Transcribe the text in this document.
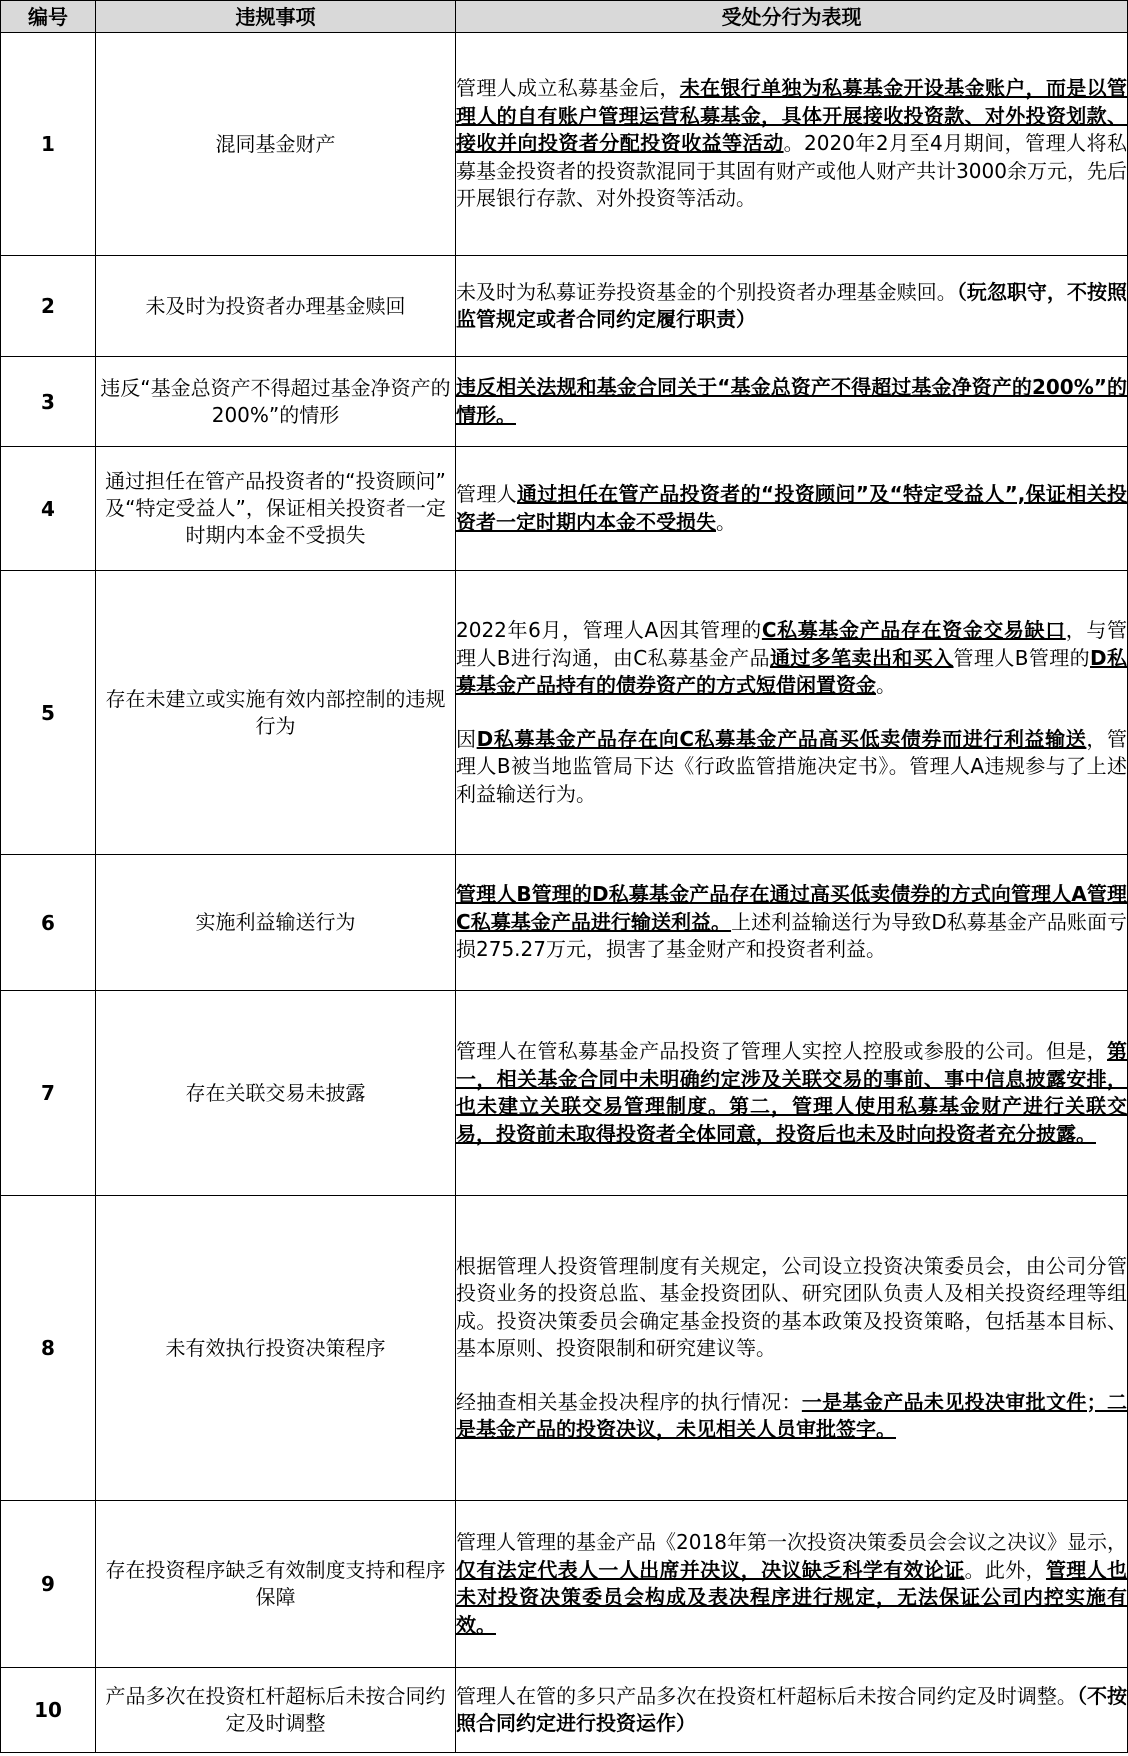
编号	违规事项	受处分行为表现
1	混同基金财产	管理人成立私募基金后，未在银行单独为私募基金开设基金账户，而是以管理人的自有账户管理运营私募基金，具体开展接收投资款、对外投资划款、接收并向投资者分配投资收益等活动。2020年2月至4月期间，管理人将私募基金投资者的投资款混同于其固有财产或他人财产共计3000余万元，先后开展银行存款、对外投资等活动。

2	未及时为投资者办理基金赎回	未及时为私募证券投资基金的个别投资者办理基金赎回。（玩忽职守，不按照监管规定或者合同约定履行职责）

3	违反“基金总资产不得超过基金净资产的200%”的情形	违反相关法规和基金合同关于“基金总资产不得超过基金净资产的200%”的情形。

4	通过担任在管产品投资者的“投资顾问” 及“特定受益人”，保证相关投资者一定时期内本金不受损失	管理人通过担任在管产品投资者的“投资顾问”及“特定受益人”,保证相关投资者一定时期内本金不受损失。

5	存在未建立或实施有效内部控制的违规行为	2022年6月，管理人A因其管理的C私募基金产品存在资金交易缺口，与管理人B进行沟通，由C私募基金产品通过多笔卖出和买入管理人B管理的D私募基金产品持有的债券资产的方式短借闲置资金。

因D私募基金产品存在向C私募基金产品高买低卖债券而进行利益输送，管理人B被当地监管局下达《行政监管措施决定书》。管理人A违规参与了上述利益输送行为。

6	实施利益输送行为	管理人B管理的D私募基金产品存在通过高买低卖债券的方式向管理人A管理C私募基金产品进行输送利益。上述利益输送行为导致D私募基金产品账面亏损275.27万元，损害了基金财产和投资者利益。

7	存在关联交易未披露	管理人在管私募基金产品投资了管理人实控人控股或参股的公司。但是，第一，相关基金合同中未明确约定涉及关联交易的事前、事中信息披露安排，也未建立关联交易管理制度。第二，管理人使用私募基金财产进行关联交易，投资前未取得投资者全体同意，投资后也未及时向投资者充分披露。

8	未有效执行投资决策程序	根据管理人投资管理制度有关规定，公司设立投资决策委员会，由公司分管投资业务的投资总监、基金投资团队、研究团队负责人及相关投资经理等组成。投资决策委员会确定基金投资的基本政策及投资策略，包括基本目标、基本原则、投资限制和研究建议等。

经抽查相关基金投决程序的执行情况：一是基金产品未见投决审批文件；二是基金产品的投资决议，未见相关人员审批签字。

9	存在投资程序缺乏有效制度支持和程序保障	管理人管理的基金产品《2018年第一次投资决策委员会会议之决议》显示，仅有法定代表人一人出席并决议，决议缺乏科学有效论证。此外，管理人也未对投资决策委员会构成及表决程序进行规定，无法保证公司内控实施有效。

10	产品多次在投资杠杆超标后未按合同约定及时调整	管理人在管的多只产品多次在投资杠杆超标后未按合同约定及时调整。（不按照合同约定进行投资运作）
